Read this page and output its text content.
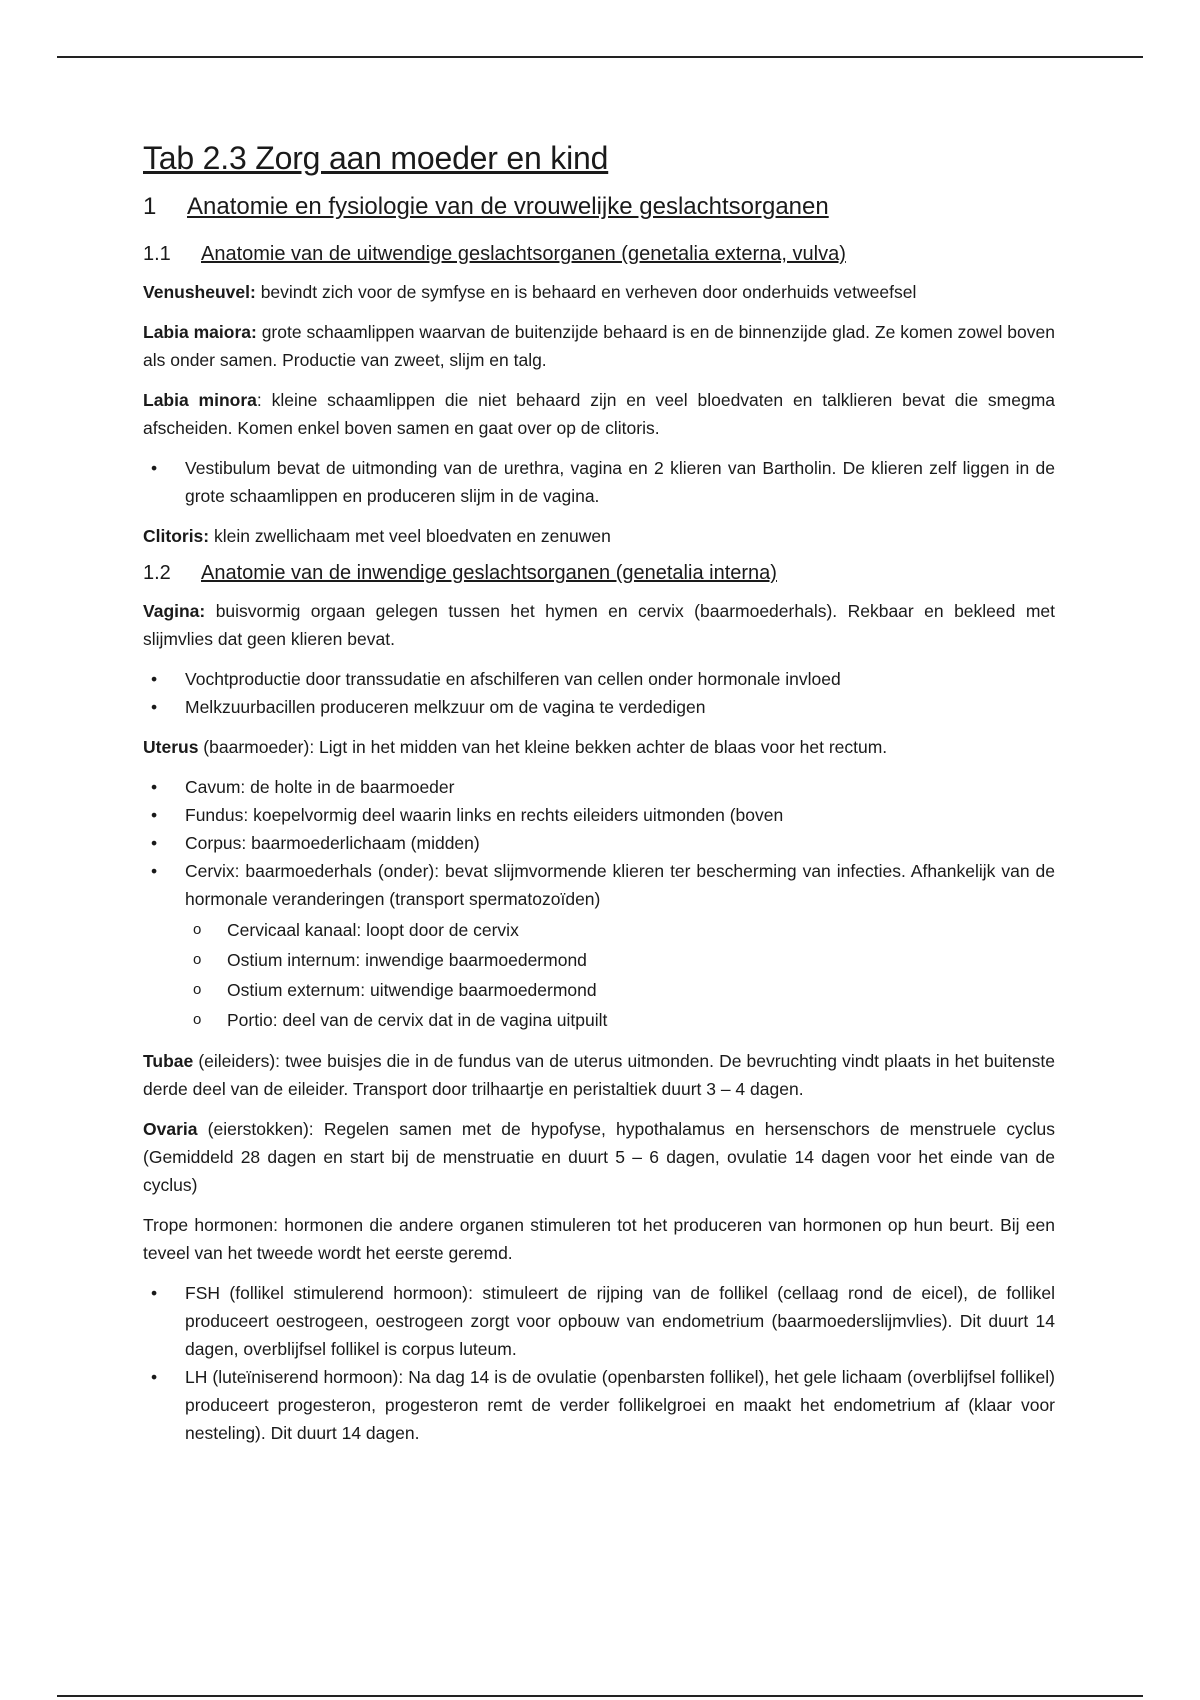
Tab 2.3 Zorg aan moeder en kind
1	Anatomie en fysiologie van de vrouwelijke geslachtsorganen
1.1	Anatomie van de uitwendige geslachtsorganen (genetalia externa, vulva)

Venusheuvel: bevindt zich voor de symfyse en is behaard en verheven door onderhuids vetweefsel

Labia maiora: grote schaamlippen waarvan de buitenzijde behaard is en de binnenzijde glad. Ze komen zowel boven als onder samen. Productie van zweet, slijm en talg.

Labia minora: kleine schaamlippen die niet behaard zijn en veel bloedvaten en talklieren bevat die smegma afscheiden. Komen enkel boven samen en gaat over op de clitoris.

• Vestibulum bevat de uitmonding van de urethra, vagina en 2 klieren van Bartholin. De klieren zelf liggen in de grote schaamlippen en produceren slijm in de vagina.

Clitoris: klein zwellichaam met veel bloedvaten en zenuwen

1.2	Anatomie van de inwendige geslachtsorganen (genetalia interna)

Vagina: buisvormig orgaan gelegen tussen het hymen en cervix (baarmoederhals). Rekbaar en bekleed met slijmvlies dat geen klieren bevat.

• Vochtproductie door transsudatie en afschilferen van cellen onder hormonale invloed
• Melkzuurbacillen produceren melkzuur om de vagina te verdedigen

Uterus (baarmoeder): Ligt in het midden van het kleine bekken achter de blaas voor het rectum.

• Cavum: de holte in de baarmoeder
• Fundus: koepelvormig deel waarin links en rechts eileiders uitmonden (boven
• Corpus: baarmoederlichaam (midden)
• Cervix: baarmoederhals (onder): bevat slijmvormende klieren ter bescherming van infecties. Afhankelijk van de hormonale veranderingen (transport spermatozoïden)
o Cervicaal kanaal: loopt door de cervix
o Ostium internum: inwendige baarmoedermond
o Ostium externum: uitwendige baarmoedermond
o Portio: deel van de cervix dat in de vagina uitpuilt

Tubae (eileiders): twee buisjes die in de fundus van de uterus uitmonden. De bevruchting vindt plaats in het buitenste derde deel van de eileider. Transport door trilhaartje en peristaltiek duurt 3 – 4 dagen.

Ovaria (eierstokken): Regelen samen met de hypofyse, hypothalamus en hersenschors de menstruele cyclus (Gemiddeld 28 dagen en start bij de menstruatie en duurt 5 – 6 dagen, ovulatie 14 dagen voor het einde van de cyclus)

Trope hormonen: hormonen die andere organen stimuleren tot het produceren van hormonen op hun beurt. Bij een teveel van het tweede wordt het eerste geremd.

• FSH (follikel stimulerend hormoon): stimuleert de rijping van de follikel (cellaag rond de eicel), de follikel produceert oestrogeen, oestrogeen zorgt voor opbouw van endometrium (baarmoederslijmvlies). Dit duurt 14 dagen, overblijfsel follikel is corpus luteum.
• LH (luteïniserend hormoon): Na dag 14 is de ovulatie (openbarsten follikel), het gele lichaam (overblijfsel follikel) produceert progesteron, progesteron remt de verder follikelgroei en maakt het endometrium af (klaar voor nesteling). Dit duurt 14 dagen.
